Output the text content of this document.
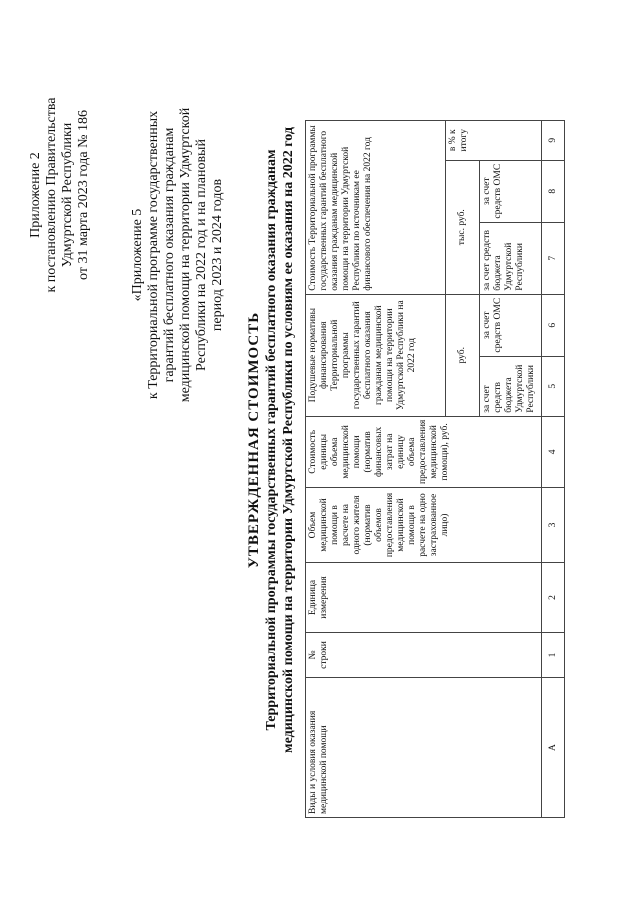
Приложение 2 к постановлению Правительства Удмуртской Республики от 31 марта 2023 года № 186	«Приложение 5 к Территориальной программе государственных гарантий бесплатного оказания гражданам медицинской помощи на территории Удмуртской Республики на 2022 год и на плановый период 2023 и 2024 годов
УТВЕРЖДЕННАЯ СТОИМОСТЬ Территориальной программы государственных гарантий бесплатного оказания гражданам медицинской помощи на территории Удмуртской Республики по условиям ее оказания на 2022 год
Виды и условия оказания медицинской помощи	№ строки	Единица измерения	Объем медицинской помощи в расчете на одного жителя (норматив объемов предоставления медицинской помощи в расчете на одно застрахованное лицо)	Стоимость единицы объема медицинской помощи (норматив финансовых затрат на единицу объема предоставления медицинской помощи), руб.	Подушевые нормативы финансирования Территориальной программы государственных гарантий бесплатного оказания гражданам медицинской помощи на территории Удмуртской Республики на 2022 год		Стоимость Территориальной программы государственных гарантий бесплатного оказания гражданам медицинской помощи на территории Удмуртской Республики по источникам ее финансового обеспечения на 2022 год		
					руб.		тыс. руб.		в % к итогу
					за счет средств бюджета Удмуртской Республики	за счет средств ОМС	за счет средств бюджета Удмуртской Республики	за счет средств ОМС	
А	1	2	3	4	5	6	7	8	9
